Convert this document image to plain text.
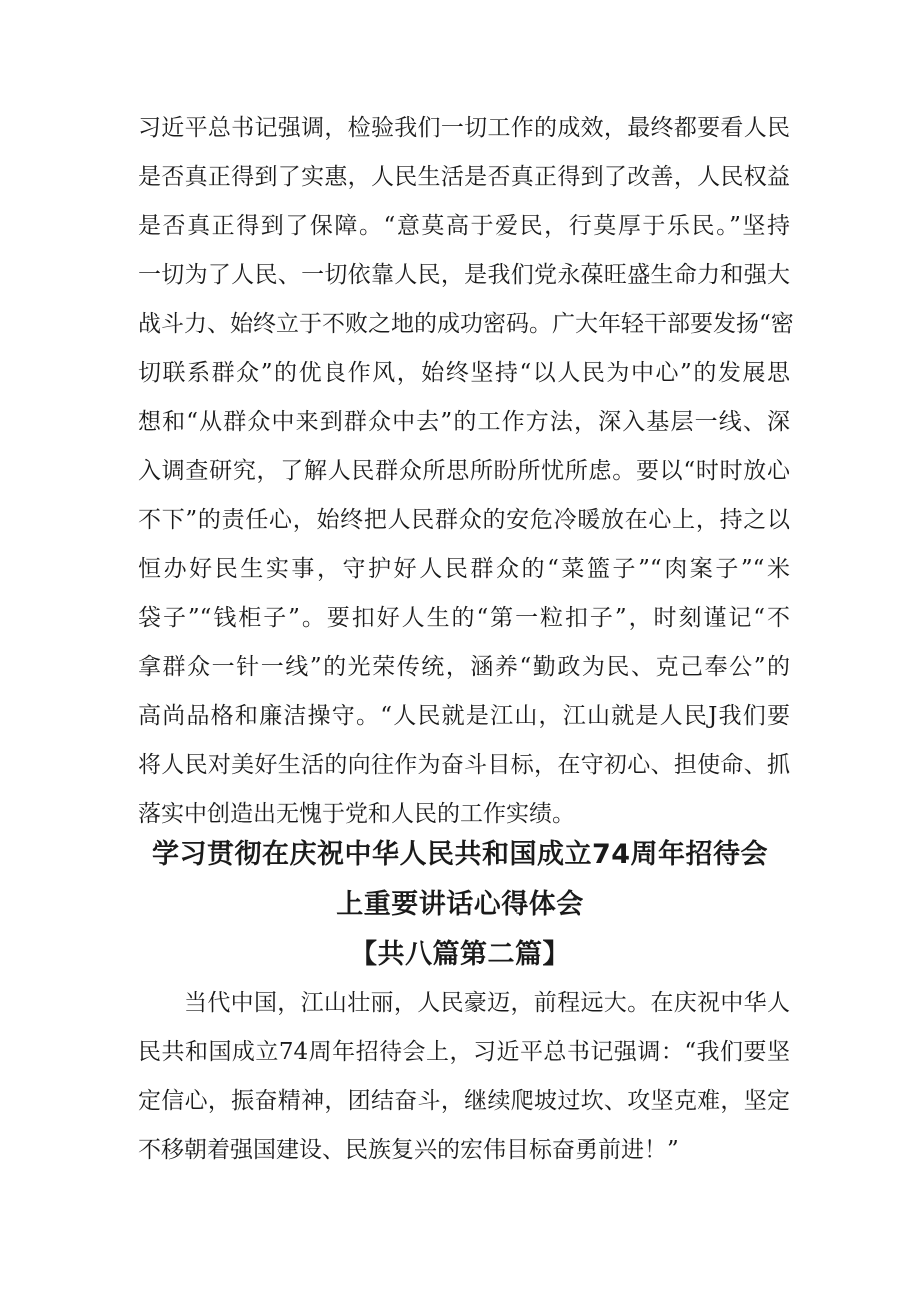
习近平总书记强调，检验我们一切工作的成效，最终都要看人民
是否真正得到了实惠，人民生活是否真正得到了改善，人民权益
是否真正得到了保障。“意莫高于爱民，行莫厚于乐民。”坚持
一切为了人民、一切依靠人民，是我们党永葆旺盛生命力和强大
战斗力、始终立于不败之地的成功密码。广大年轻干部要发扬“密
切联系群众”的优良作风，始终坚持“以人民为中心”的发展思
想和“从群众中来到群众中去”的工作方法，深入基层一线、深
入调查研究，了解人民群众所思所盼所忧所虑。要以“时时放心
不下”的责任心，始终把人民群众的安危冷暖放在心上，持之以
恒办好民生实事，守护好人民群众的“菜篮子”“肉案子”“米
袋子”“钱柜子”。要扣好人生的“第一粒扣子”，时刻谨记“不
拿群众一针一线”的光荣传统，涵养“勤政为民、克己奉公”的
高尚品格和廉洁操守。“人民就是江山，江山就是人民J我们要
将人民对美好生活的向往作为奋斗目标，在守初心、担使命、抓
落实中创造出无愧于党和人民的工作实绩。
学习贯彻在庆祝中华人民共和国成立74周年招待会
上重要讲话心得体会
【共八篇第二篇】
当代中国，江山壮丽，人民豪迈，前程远大。在庆祝中华人
民共和国成立74周年招待会上，习近平总书记强调：“我们要坚
定信心，振奋精神，团结奋斗，继续爬坡过坎、攻坚克难，坚定
不移朝着强国建设、民族复兴的宏伟目标奋勇前进！”
